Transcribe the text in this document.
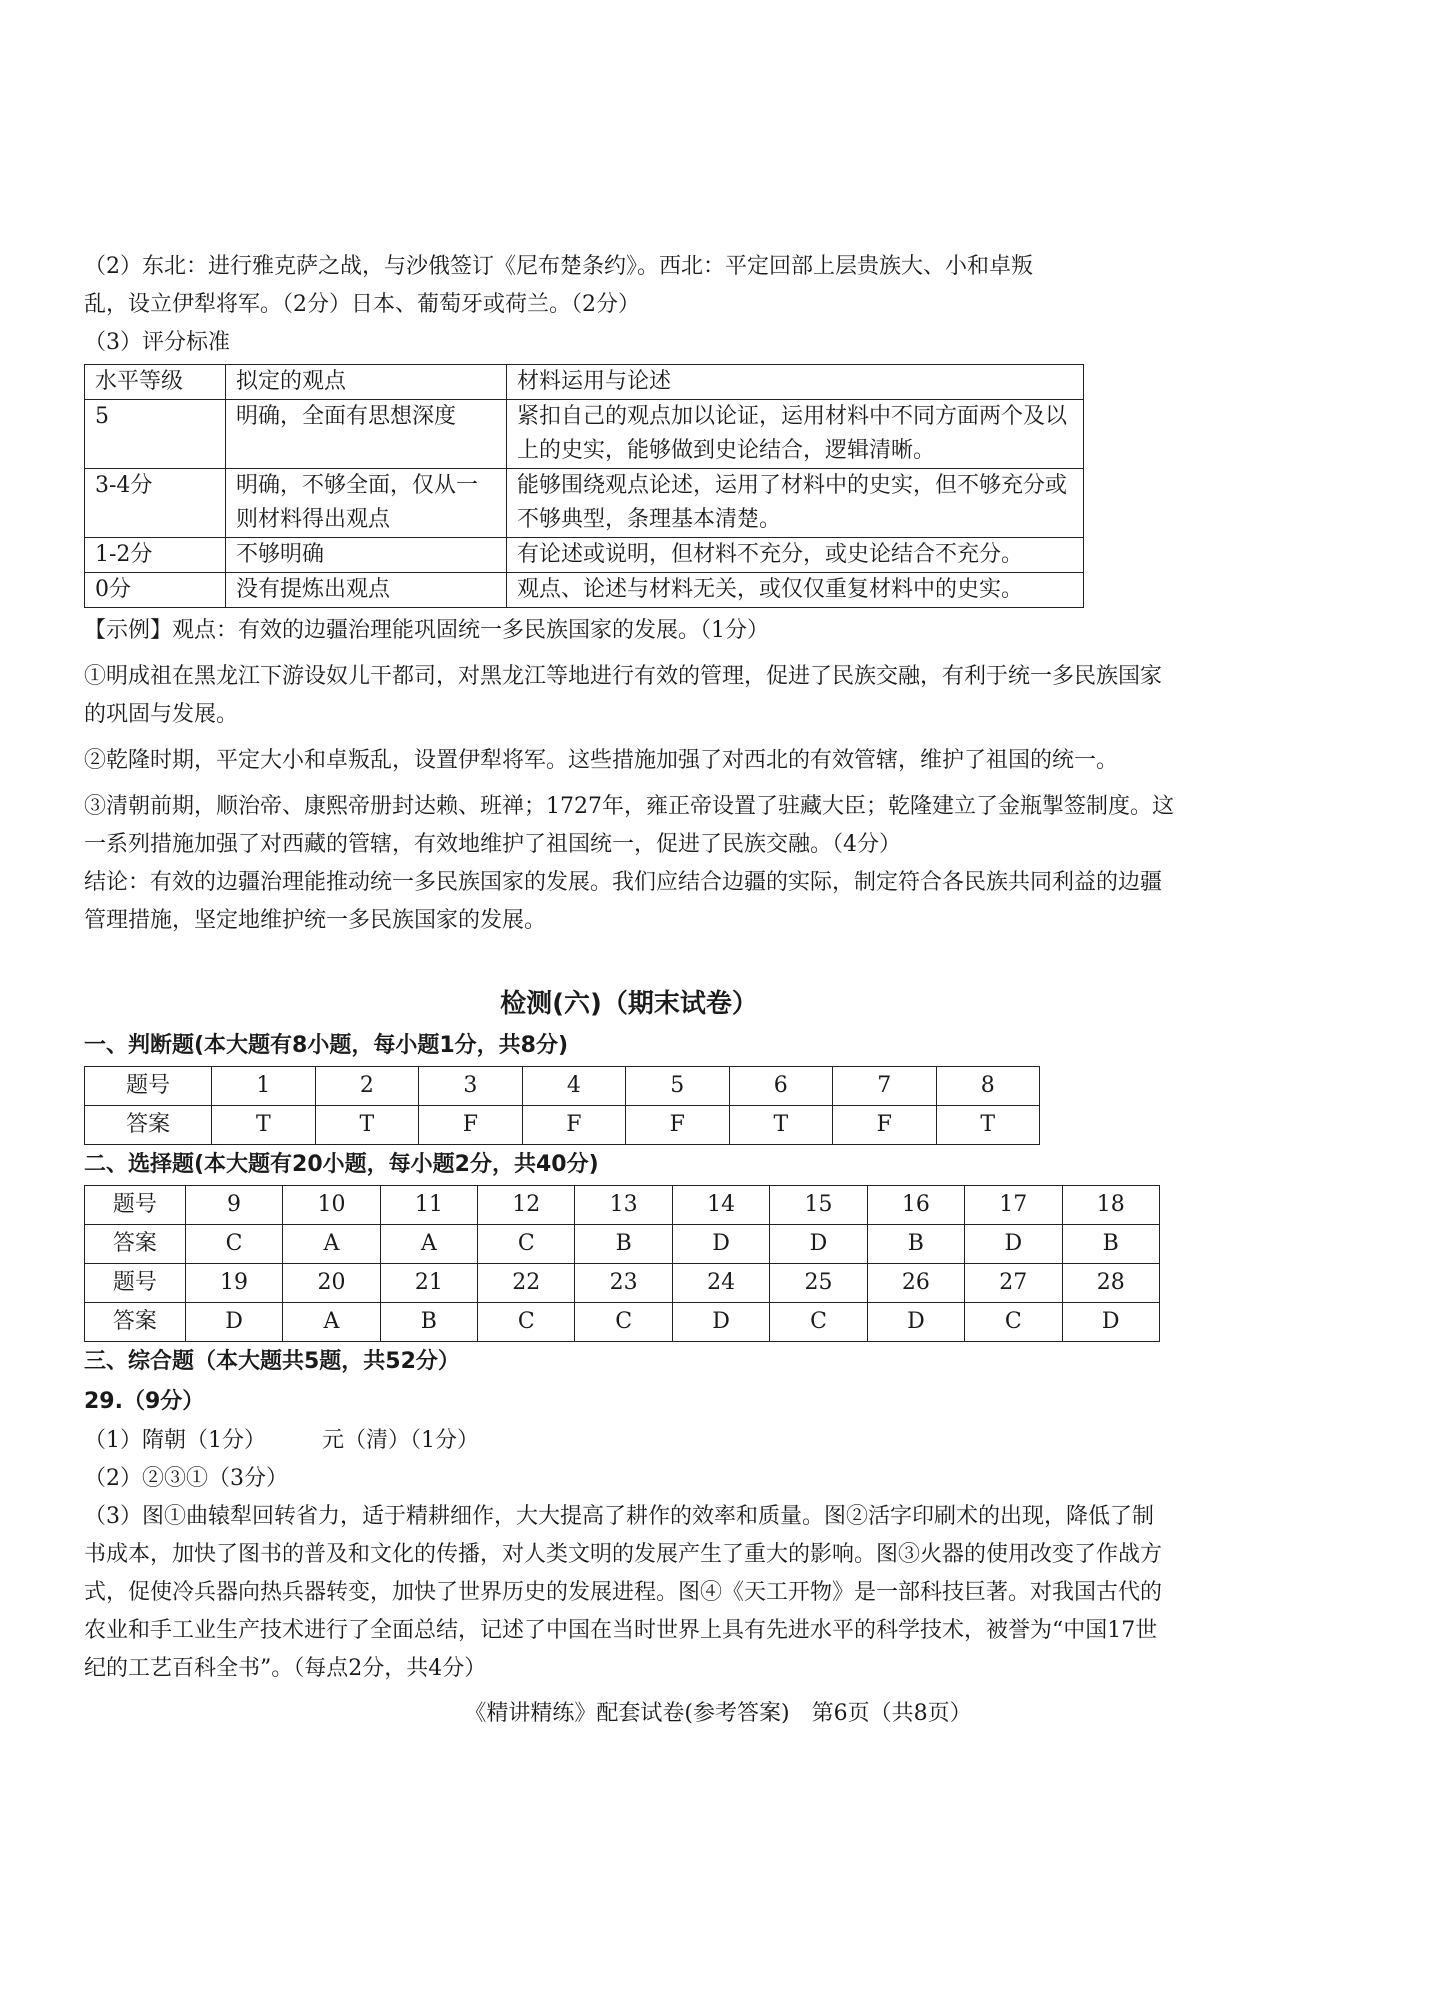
（2）东北：进行雅克萨之战，与沙俄签订《尼布楚条约》。西北：平定回部上层贵族大、小和卓叛

乱，设立伊犁将军。（2分）日本、葡萄牙或荷兰。（2分）

（3）评分标准

水平等级	拟定的观点	材料运用与论述
5	明确，全面有思想深度	紧扣自己的观点加以论证，运用材料中不同方面两个及以上的史实，能够做到史论结合，逻辑清晰。
3-4分	明确，不够全面，仅从一则材料得出观点	能够围绕观点论述，运用了材料中的史实，但不够充分或不够典型，条理基本清楚。
1-2分	不够明确	有论述或说明，但材料不充分，或史论结合不充分。
0分	没有提炼出观点	观点、论述与材料无关，或仅仅重复材料中的史实。

【示例】观点：有效的边疆治理能巩固统一多民族国家的发展。（1分）

①明成祖在黑龙江下游设奴儿干都司，对黑龙江等地进行有效的管理，促进了民族交融，有利于统一多民族国家的巩固与发展。

②乾隆时期，平定大小和卓叛乱，设置伊犁将军。这些措施加强了对西北的有效管辖，维护了祖国的统一。

③清朝前期，顺治帝、康熙帝册封达赖、班禅；1727年，雍正帝设置了驻藏大臣；乾隆建立了金瓶掣签制度。这一系列措施加强了对西藏的管辖，有效地维护了祖国统一，促进了民族交融。（4分）

结论：有效的边疆治理能推动统一多民族国家的发展。我们应结合边疆的实际，制定符合各民族共同利益的边疆管理措施，坚定地维护统一多民族国家的发展。

检测(六)（期末试卷）
一、判断题(本大题有8小题，每小题1分，共8分)
题号	1	2	3	4	5	6	7	8
答案	T	T	F	F	F	T	F	T
二、选择题(本大题有20小题，每小题2分，共40分)
题号	9	10	11	12	13	14	15	16	17	18
答案	C	A	A	C	B	D	D	B	D	B
题号	19	20	21	22	23	24	25	26	27	28
答案	D	A	B	C	C	D	C	D	C	D
三、综合题（本大题共5题，共52分）

29.（9分）

（1）隋朝（1分）	元（清）（1分）

（2）②③①（3分）

（3）图①曲辕犁回转省力，适于精耕细作，大大提高了耕作的效率和质量。图②活字印刷术的出现，降低了制书成本，加快了图书的普及和文化的传播，对人类文明的发展产生了重大的影响。图③火器的使用改变了作战方式，促使冷兵器向热兵器转变，加快了世界历史的发展进程。图④《天工开物》是一部科技巨著。对我国古代的农业和手工业生产技术进行了全面总结，记述了中国在当时世界上具有先进水平的科学技术，被誉为“中国17世纪的工艺百科全书”。（每点2分，共4分）

《精讲精练》配套试卷(参考答案)　第6页（共8页）
